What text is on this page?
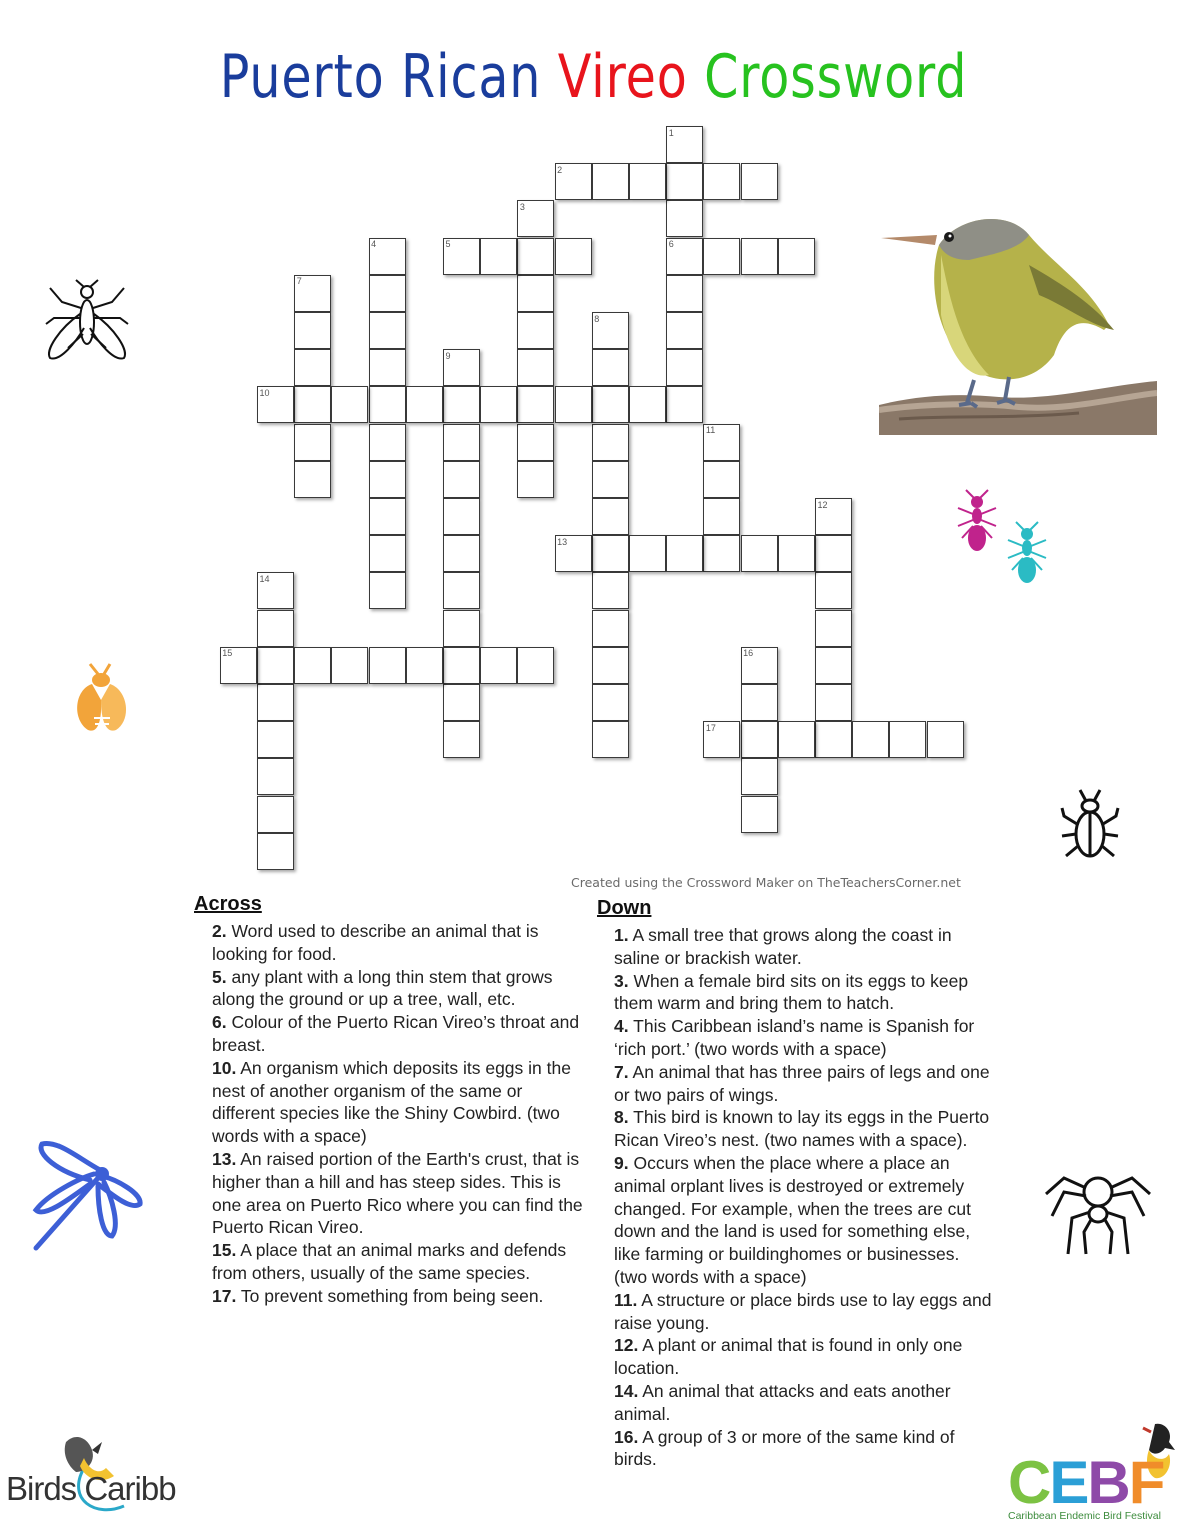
Puerto Rican Vireo Crossword
1
2
3
4	5	6
7
8
9
10
11
12
13
14
15	16
17
Created using the Crossword Maker on TheTeachersCorner.net
Across

2. Word used to describe an animal that is looking for food.

5. any plant with a long thin stem that grows along the ground or up a tree, wall, etc.

6. Colour of the Puerto Rican Vireo’s throat and breast.

10. An organism which deposits its eggs in the nest of another organism of the same or different species like the Shiny Cowbird. (two words with a space)

13. An raised portion of the Earth's crust, that is higher than a hill and has steep sides. This is one area on Puerto Rico where you can find the Puerto Rican Vireo.

15. A place that an animal marks and defends from others, usually of the same species.

17. To prevent something from being seen.

Down

1. A small tree that grows along the coast in saline or brackish water.

3. When a female bird sits on its eggs to keep them warm and bring them to hatch.

4. This Caribbean island’s name is Spanish for ‘rich port.’ (two words with a space)

7. An animal that has three pairs of legs and one or two pairs of wings.

8. This bird is known to lay its eggs in the Puerto Rican Vireo’s nest. (two names with a space).

9. Occurs when the place where a place an animal orplant lives is destroyed or extremely changed. For example, when the trees are cut down and the land is used for something else, like farming or buildinghomes or businesses. (two words with a space)

11. A structure or place birds use to lay eggs and raise young.

12. A plant or animal that is found in only one location.

14. An animal that attacks and eats another animal.

16. A group of 3 or more of the same kind of birds.

Birds Caribb	CEBF
Caribbean Endemic Bird Festival
